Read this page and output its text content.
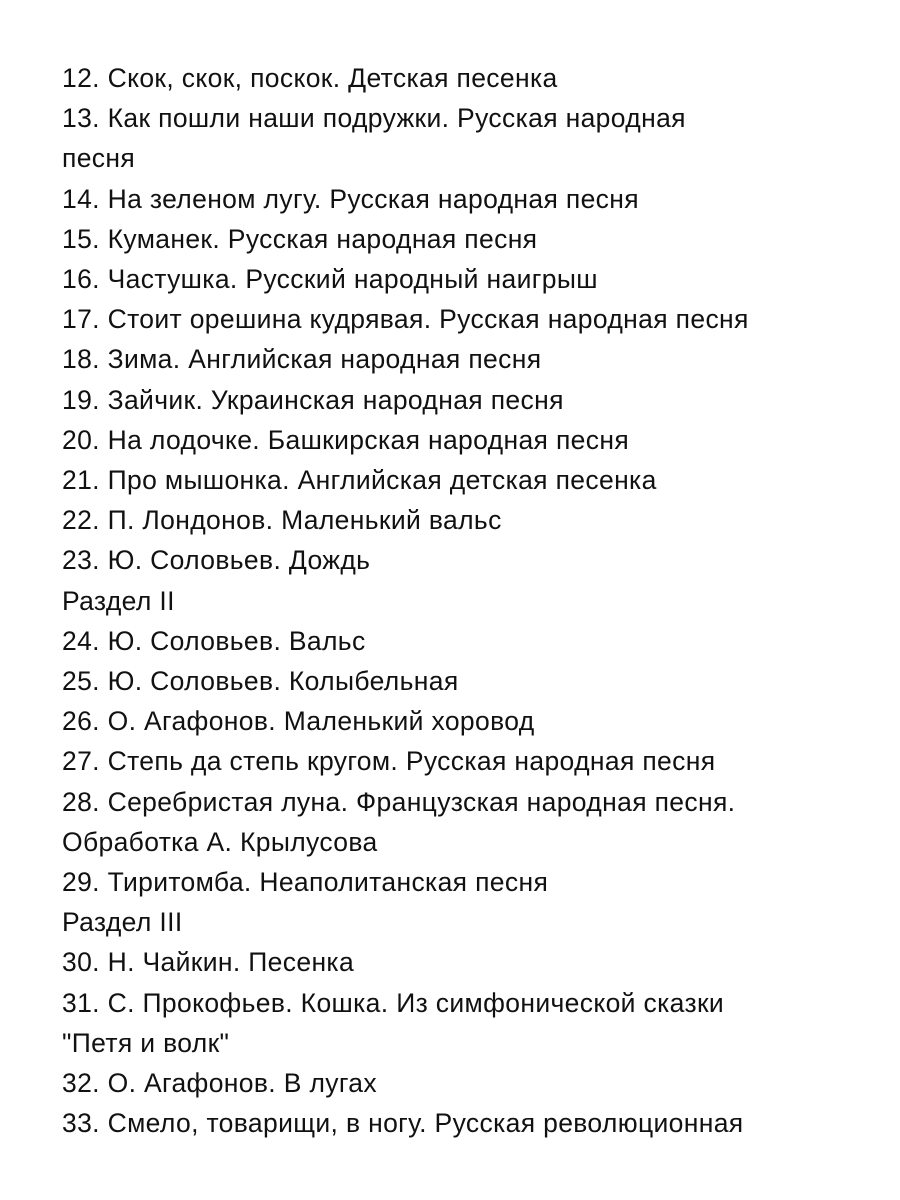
12. Скок, скок, поскок. Детская песенка
13. Как пошли наши подружки. Русская народная
песня
14. На зеленом лугу. Русская народная песня
15. Куманек. Русская народная песня
16. Частушка. Русский народный наигрыш
17. Стоит орешина кудрявая. Русская народная песня
18. Зима. Английская народная песня
19. Зайчик. Украинская народная песня
20. На лодочке. Башкирская народная песня
21. Про мышонка. Английская детская песенка
22. П. Лондонов. Маленький вальс
23. Ю. Соловьев. Дождь
Раздел II
24. Ю. Соловьев. Вальс
25. Ю. Соловьев. Колыбельная
26. О. Агафонов. Маленький хоровод
27. Степь да степь кругом. Русская народная песня
28. Серебристая луна. Французская народная песня.
Обработка А. Крылусова
29. Тиритомба. Неаполитанская песня
Раздел III
30. Н. Чайкин. Песенка
31. С. Прокофьев. Кошка. Из симфонической сказки
"Петя и волк"
32. О. Агафонов. В лугах
33. Смело, товарищи, в ногу. Русская революционная
